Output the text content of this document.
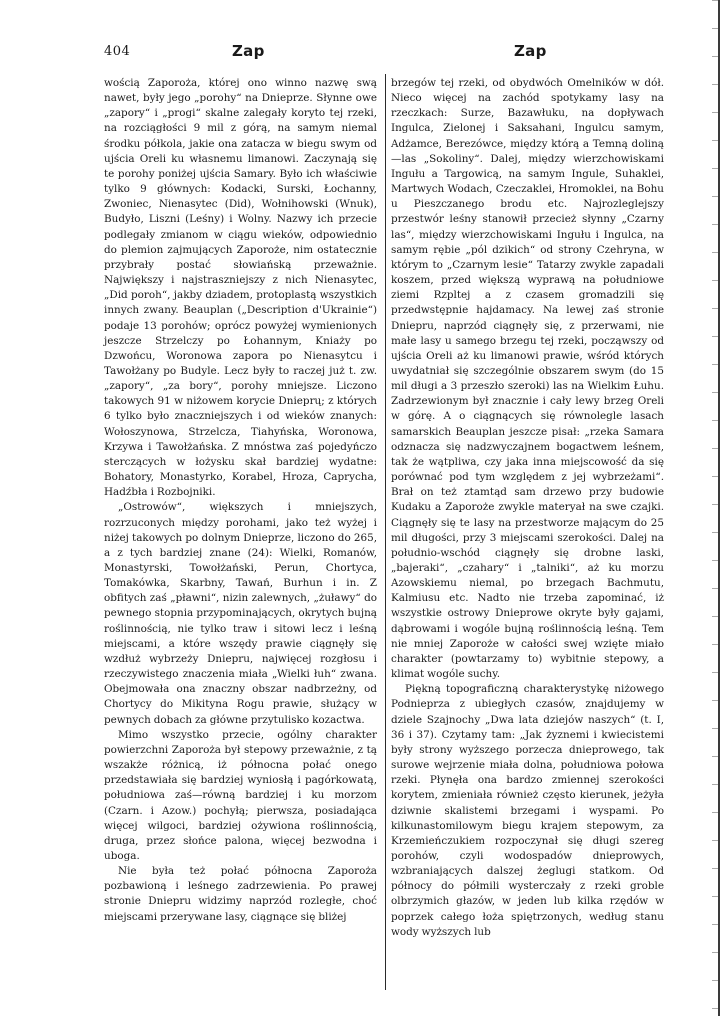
404	Zap	Zap

wością Zaporoża, której ono winno nazwę swą nawet, były jego „porohy“ na Dnieprze. Słynne owe „zapory“ i „progi“ skalne zalegały koryto tej rzeki, na rozciągłości 9 mil z górą, na samym niemal środku półkola, jakie ona zatacza w biegu swym od ujścia Oreli ku własnemu limanowi. Zaczynają się te porohy poniżej ujścia Samary. Było ich właściwie tylko 9 głównych: Kodacki, Surski, Łochanny, Zwoniec, Nienasytec (Did), Wołnihowski (Wnuk), Budyło, Liszni (Leśny) i Wolny. Nazwy ich przecie podlegały zmianom w ciągu wieków, odpowiednio do plemion zajmujących Zaporoże, nim ostatecznie przybrały postać słowiańską przeważnie. Największy i najstraszniejszy z nich Nienasytec, „Did poroh“, jakby dziadem, protoplastą wszystkich innych zwany. Beauplan („Description d'Ukrainie“) podaje 13 porohów; oprócz powyżej wymienionych jeszcze Strzelczy po Łohannym, Kniaży po Dzwońcu, Woronowa zapora po Nienasytcu i Tawołżany po Budyle. Lecz były to raczej już t. zw. „zapory“, „za bory“, porohy mniejsze. Liczono takowych 91 w niżowem korycie Dnieprų; z których 6 tylko było znaczniejszych i od wieków znanych: Wołoszynowa, Strzelcza, Tiahyńska, Woronowa, Krzywa i Tawołżańska. Z mnóstwa zaś pojedyńczo sterczących w łożysku skał bardziej wydatne: Bohatory, Monastyrko, Korabel, Hroza, Caprycha, Hadźbła i Rozbojniki.

„Ostrowów“, większych i mniejszych, rozrzuconych między porohami, jako też wyżej i niżej takowych po dolnym Dnieprze, liczono do 265, a z tych bardziej znane (24): Wielki, Romanów, Monastyrski, Towołżański, Perun, Chortyca, Tomakówka, Skarbny, Tawań, Burhun i in. Z obfitych zaś „pławni“, nizin zalewnych, „żuławy“ do pewnego stopnia przypominających, okrytych bujną roślinnością, nie tylko traw i sitowi lecz i leśną miejscami, a które wszędy prawie ciągnęły się wzdłuż wybrzeży Dniepru, najwięcej rozgłosu i rzeczywistego znaczenia miała „Wielki łuh“ zwana. Obejmowała ona znaczny obszar nadbrzeżny, od Chortycy do Mikityna Rogu prawie, służący w pewnych dobach za główne przytulisko kozactwa.

Mimo wszystko przecie, ogólny charakter powierzchni Zaporoża był stepowy przeważnie, z tą wszakże różnicą, iż północna połać onego przedstawiała się bardziej wyniosłą i pagórkowatą, południowa zaś—równą bardziej i ku morzom (Czarn. i Azow.) pochyłą; pierwsza, posiadająca więcej wilgoci, bardziej ożywiona roślinnością, druga, przez słońce palona, więcej bezwodna i uboga.

Nie była też połać północna Zaporoża pozbawioną i leśnego zadrzewienia. Po prawej stronie Dniepru widzimy naprzód rozległe, choć miejscami przerywane lasy, ciągnące się bliżej

brzegów tej rzeki, od obydwóch Omelników w dół. Nieco więcej na zachód spotykamy lasy na rzeczkach: Surze, Bazawłuku, na dopływach Ingulca, Zielonej i Saksahani, Ingulcu samym, Adżamce, Berezówce, między którą a Temną doliną—las „Sokoliny“. Dalej, między wierzchowiskami Ingułu a Targowicą, na samym Ingule, Suhaklei, Martwych Wodach, Czeczaklei, Hromoklei, na Bohu u Pieszczanego brodu etc. Najrozleglejszy przestwór leśny stanowił przecież słynny „Czarny las“, między wierzchowiskami Ingułu i Ingulca, na samym rębie „pól dzikich“ od strony Czehryna, w którym to „Czarnym lesie“ Tatarzy zwykle zapadali koszem, przed większą wyprawą na południowe ziemi Rzpltej a z czasem gromadzili się przedwstępnie hajdamacy. Na lewej zaś stronie Dniepru, naprzód ciągnęły się, z przerwami, nie małe lasy u samego brzegu tej rzeki, począwszy od ujścia Oreli aż ku limanowi prawie, wśród których uwydatniał się szczególnie obszarem swym (do 15 mil długi a 3 przeszło szeroki) las na Wielkim Łuhu. Zadrzewionym był znacznie i cały lewy brzeg Oreli w górę. A o ciągnących się równolegle lasach samarskich Beauplan jeszcze pisał: „rzeka Samara odznacza się nadzwyczajnem bogactwem leśnem, tak że wątpliwa, czy jaka inna miejscowość da się porównać pod tym względem z jej wybrzeżami“. Brał on też ztamtąd sam drzewo przy budowie Kudaku a Zaporoże zwykle materyał na swe czajki. Ciągnęły się te lasy na przestworze mającym do 25 mil długości, przy 3 miejscami szerokości. Dalej na południo-wschód ciągnęły się drobne laski, „bajeraki“, „czahary“ i „talniki“, aż ku morzu Azowskiemu niemal, po brzegach Bachmutu, Kalmiusu etc. Nadto nie trzeba zapominać, iż wszystkie ostrowy Dnieprowe okryte były gajami, dąbrowami i wogóle bujną roślinnością leśną. Tem nie mniej Zaporoże w całości swej wzięte miało charakter (powtarzamy to) wybitnie stepowy, a klimat wogóle suchy.

Piękną topograficzną charakterystykę niżowego Podnieprza z ubiegłych czasów, znajdujemy w dziele Szajnochy „Dwa lata dziejów naszych“ (t. I, 36 i 37). Czytamy tam: „Jak żyznemi i kwiecistemi były strony wyższego porzecza dnieprowego, tak surowe wejrzenie miała dolna, południowa połowa rzeki. Płynęła ona bardzo zmiennej szerokości korytem, zmieniała również często kierunek, jeżyła dziwnie skalistemi brzegami i wyspami. Po kilkunastomilowym biegu krajem stepowym, za Krzemieńczukiem rozpoczynał się długi szereg porohów, czyli wodospadów dnieprowych, wzbraniających dalszej żeglugi statkom. Od północy do półmili wysterczały z rzeki groble olbrzymich głazów, w jeden lub kilka rzędów w poprzek całego łoża spiętrzonych, według stanu wody wyższych lub
